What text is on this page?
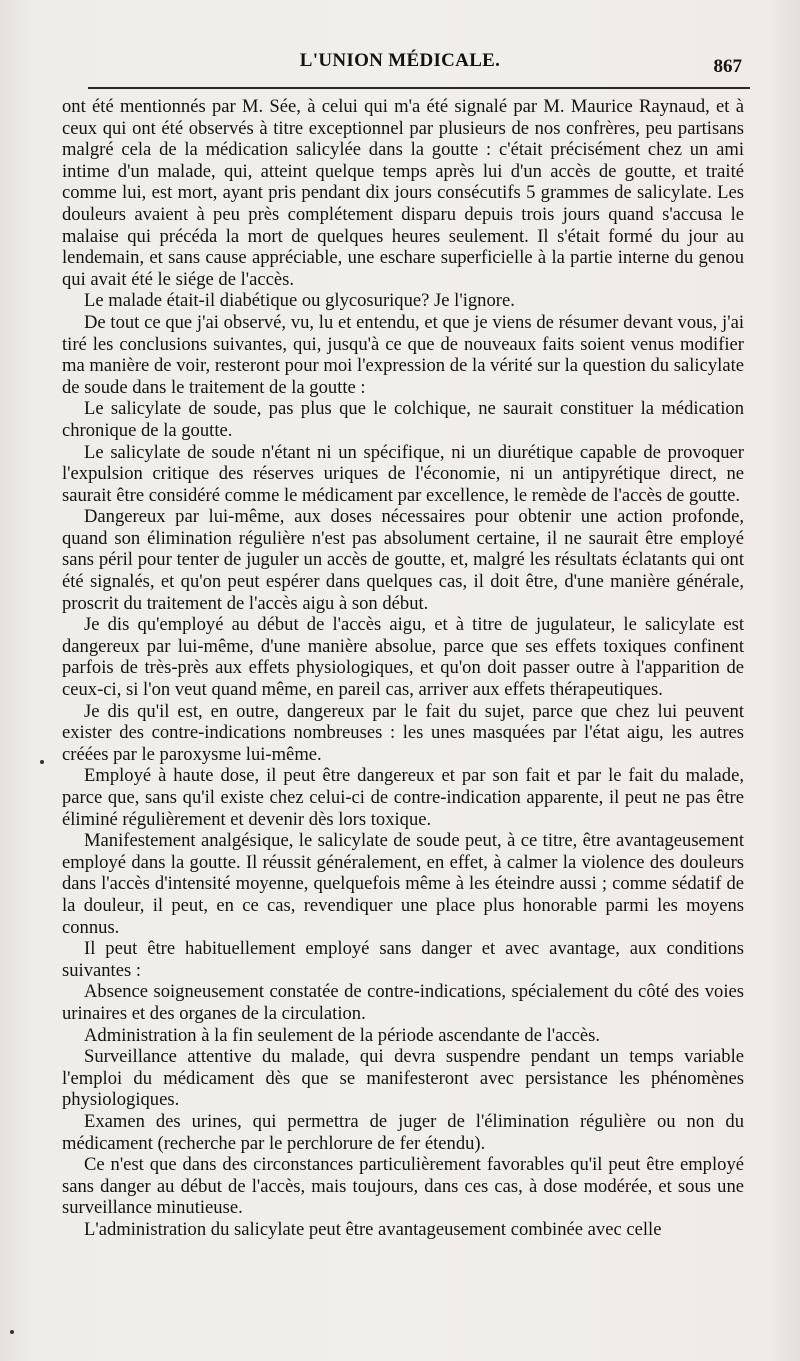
L'UNION MÉDICALE.	867

ont été mentionnés par M. Sée, à celui qui m'a été signalé par M. Maurice Raynaud, et à ceux qui ont été observés à titre exceptionnel par plusieurs de nos confrères, peu partisans malgré cela de la médication salicylée dans la goutte : c'était précisément chez un ami intime d'un malade, qui, atteint quelque temps après lui d'un accès de goutte, et traité comme lui, est mort, ayant pris pendant dix jours consécutifs 5 grammes de salicylate. Les douleurs avaient à peu près complétement disparu depuis trois jours quand s'accusa le malaise qui précéda la mort de quelques heures seulement. Il s'était formé du jour au lendemain, et sans cause appréciable, une eschare superficielle à la partie interne du genou qui avait été le siége de l'accès.

Le malade était-il diabétique ou glycosurique? Je l'ignore.

De tout ce que j'ai observé, vu, lu et entendu, et que je viens de résumer devant vous, j'ai tiré les conclusions suivantes, qui, jusqu'à ce que de nouveaux faits soient venus modifier ma manière de voir, resteront pour moi l'expression de la vérité sur la question du salicylate de soude dans le traitement de la goutte :

Le salicylate de soude, pas plus que le colchique, ne saurait constituer la médication chronique de la goutte.

Le salicylate de soude n'étant ni un spécifique, ni un diurétique capable de provoquer l'expulsion critique des réserves uriques de l'économie, ni un antipyrétique direct, ne saurait être considéré comme le médicament par excellence, le remède de l'accès de goutte.

Dangereux par lui-même, aux doses nécessaires pour obtenir une action profonde, quand son élimination régulière n'est pas absolument certaine, il ne saurait être employé sans péril pour tenter de juguler un accès de goutte, et, malgré les résultats éclatants qui ont été signalés, et qu'on peut espérer dans quelques cas, il doit être, d'une manière générale, proscrit du traitement de l'accès aigu à son début.

Je dis qu'employé au début de l'accès aigu, et à titre de jugulateur, le salicylate est dangereux par lui-même, d'une manière absolue, parce que ses effets toxiques confinent parfois de très-près aux effets physiologiques, et qu'on doit passer outre à l'apparition de ceux-ci, si l'on veut quand même, en pareil cas, arriver aux effets thérapeutiques.

Je dis qu'il est, en outre, dangereux par le fait du sujet, parce que chez lui peuvent exister des contre-indications nombreuses : les unes masquées par l'état aigu, les autres créées par le paroxysme lui-même.

Employé à haute dose, il peut être dangereux et par son fait et par le fait du malade, parce que, sans qu'il existe chez celui-ci de contre-indication apparente, il peut ne pas être éliminé régulièrement et devenir dès lors toxique.

Manifestement analgésique, le salicylate de soude peut, à ce titre, être avantageusement employé dans la goutte. Il réussit généralement, en effet, à calmer la violence des douleurs dans l'accès d'intensité moyenne, quelquefois même à les éteindre aussi ; comme sédatif de la douleur, il peut, en ce cas, revendiquer une place plus honorable parmi les moyens connus.

Il peut être habituellement employé sans danger et avec avantage, aux conditions suivantes :

Absence soigneusement constatée de contre-indications, spécialement du côté des voies urinaires et des organes de la circulation.

Administration à la fin seulement de la période ascendante de l'accès.

Surveillance attentive du malade, qui devra suspendre pendant un temps variable l'emploi du médicament dès que se manifesteront avec persistance les phénomènes physiologiques.

Examen des urines, qui permettra de juger de l'élimination régulière ou non du médicament (recherche par le perchlorure de fer étendu).

Ce n'est que dans des circonstances particulièrement favorables qu'il peut être employé sans danger au début de l'accès, mais toujours, dans ces cas, à dose modérée, et sous une surveillance minutieuse.

L'administration du salicylate peut être avantageusement combinée avec celle
